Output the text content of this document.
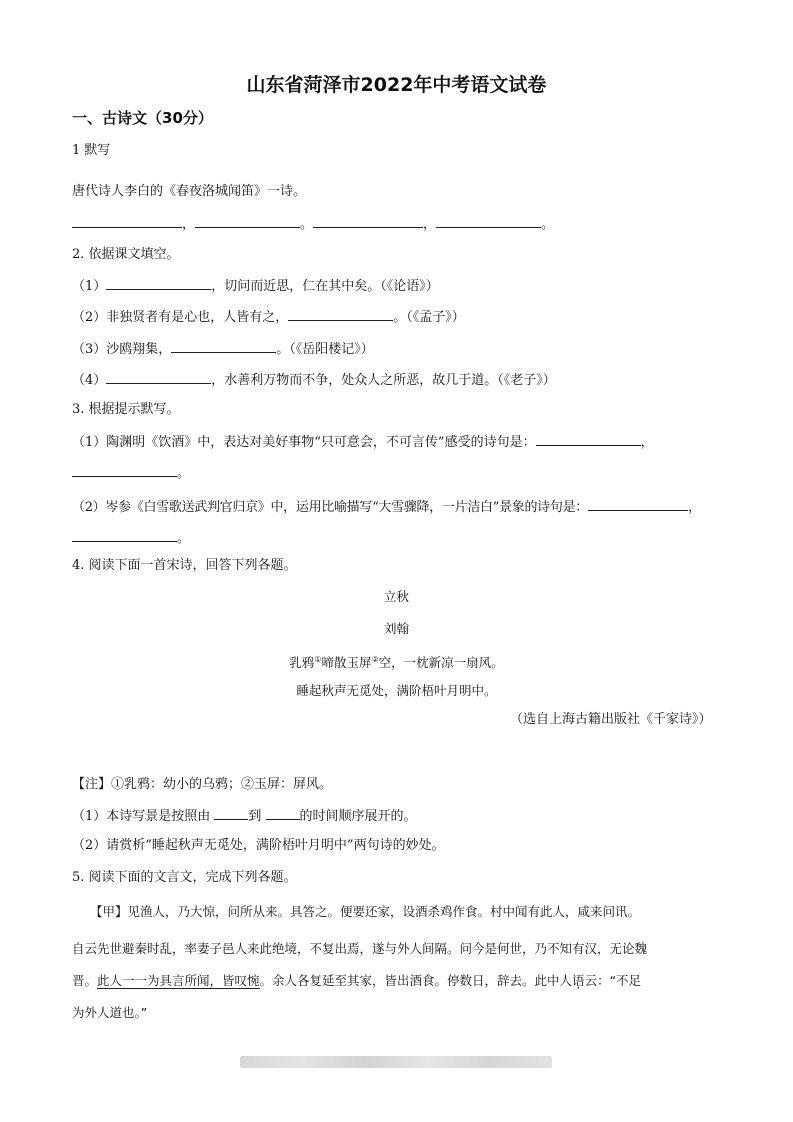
山东省菏泽市2022年中考语文试卷
一、古诗文（30分）
1 默写
唐代诗人李白的《春夜洛城闻笛》一诗。
，	。	，	。
2. 依据课文填空。
（1）	，切问而近思，仁在其中矣。（《论语》）
（2）非独贤者有是心也，人皆有之，	。（《孟子》）
（3）沙鸥翔集，	。（《岳阳楼记》）
（4）	，水善利万物而不争，处众人之所恶，故几于道。（《老子》）
3. 根据提示默写。
（1）陶渊明《饮酒》中，表达对美好事物“只可意会，不可言传”感受的诗句是：	，
。
（2）岑参《白雪歌送武判官归京》中，运用比喻描写“大雪骤降，一片洁白”景象的诗句是：	，
。
4. 阅读下面一首宋诗，回答下列各题。
立秋
刘翰
乳鸦①啼散玉屏②空，一枕新凉一扇风。
睡起秋声无觅处，满阶梧叶月明中。
（选自上海古籍出版社《千家诗》）
【注】①乳鸦：幼小的乌鸦；②玉屏：屏风。
（1）本诗写景是按照由	到	的时间顺序展开的。
（2）请赏析“睡起秋声无觅处，满阶梧叶月明中”两句诗的妙处。
5. 阅读下面的文言文，完成下列各题。
【甲】见渔人，乃大惊，问所从来。具答之。便要还家，设酒杀鸡作食。村中闻有此人，咸来问讯。
自云先世避秦时乱，率妻子邑人来此绝境，不复出焉，遂与外人间隔。问今是何世，乃不知有汉，无论魏
晋。此人一一为具言所闻，皆叹惋。余人各复延至其家，皆出酒食。停数日，辞去。此中人语云：“不足
为外人道也。”
